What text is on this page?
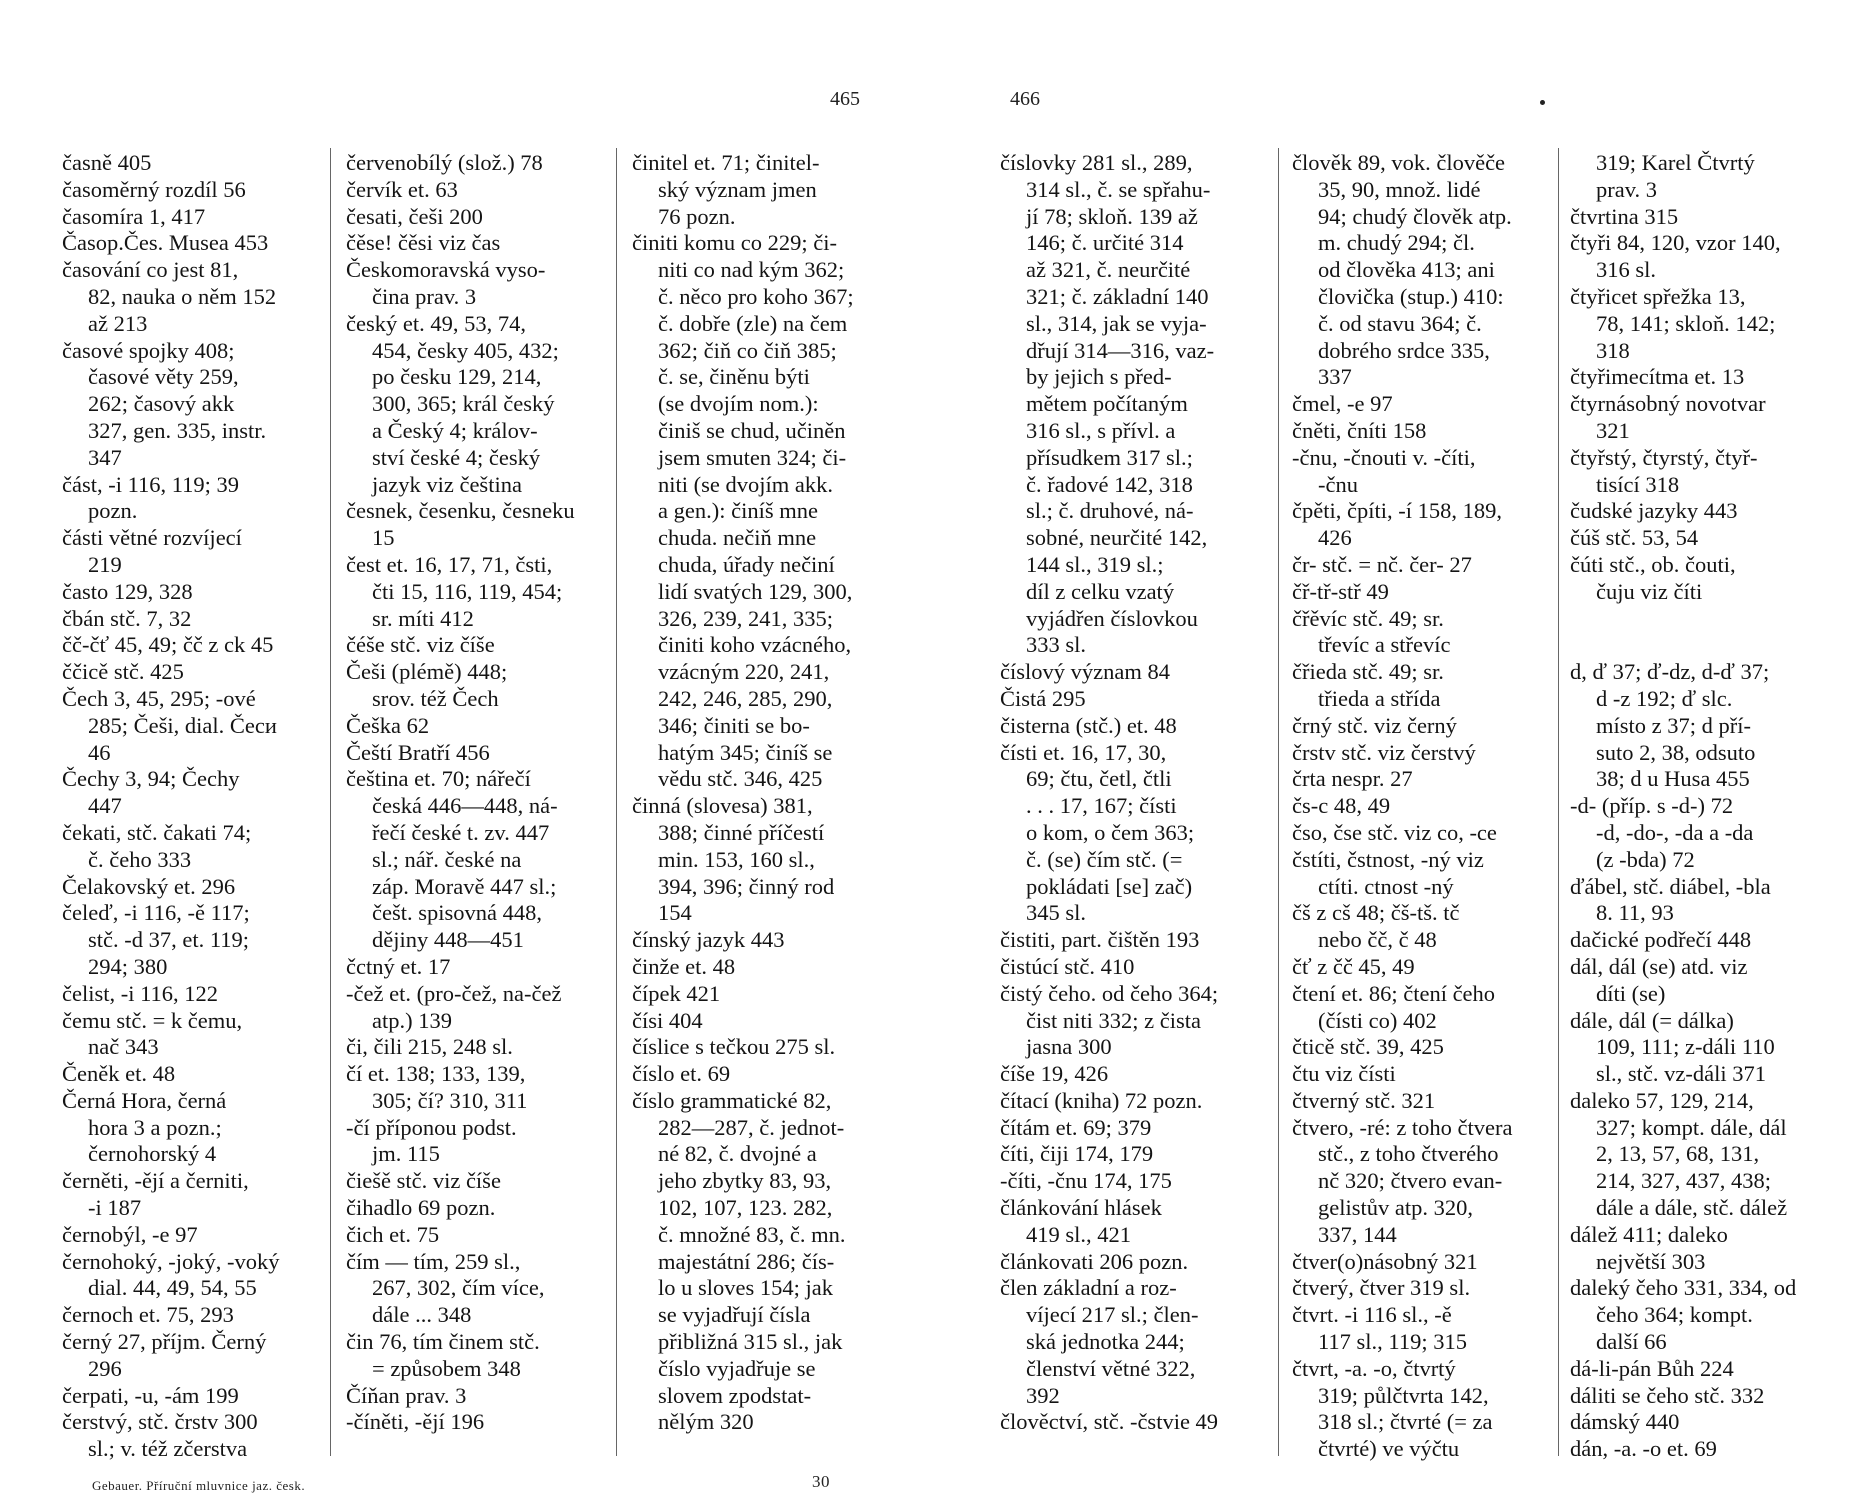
465
časně 405
časoměrný rozdíl 56
časomíra 1, 417
Časop.Čes. Musea 453
časování co jest 81,
82, nauka o něm 152
až 213
časové spojky 408;
časové věty 259,
262; časový akk
327, gen. 335, instr.
347
část, -i 116, 119; 39
pozn.
části větné rozvíjecí
219
často 129, 328
čbán stč. 7, 32
čč-čť 45, 49; čč z ck 45
ččicě stč. 425
Čech 3, 45, 295; -ové
285; Češi, dial. Čeси
46
Čechy 3, 94; Čechy
447
čekati, stč. čakati 74;
č. čeho 333
Čelakovský et. 296
čeleď, -i 116, -ě 117;
stč. -d 37, et. 119;
294; 380
čelist, -i 116, 122
čemu stč. = k čemu,
nač 343
Čeněk et. 48
Černá Hora, černá
hora 3 a pozn.;
černohorský 4
černěti, -ějí a černiti,
-i 187
černobýl, -e 97
černohoký, -joký, -voký
dial. 44, 49, 54, 55
černoch et. 75, 293
černý 27, příjm. Černý
296
čerpati, -u, -ám 199
čerstvý, stč. črstv 300
sl.; v. též zčerstva
červenobílý (slož.) 78
červík et. 63
česati, češi 200
čěse! čěsi viz čas
Českomoravská vyso-
čina prav. 3
český et. 49, 53, 74,
454, česky 405, 432;
po česku 129, 214,
300, 365; král český
a Český 4; králov-
ství české 4; český
jazyk viz čeština
česnek, česenku, česneku
15
čest et. 16, 17, 71, čsti,
čti 15, 116, 119, 454;
sr. míti 412
čéše stč. viz číše
Češi (plémě) 448;
srov. též Čech
Češka 62
Čeští Bratří 456
čeština et. 70; nářečí
česká 446—448, ná-
řečí české t. zv. 447
sl.; nář. české na
záp. Moravě 447 sl.;
češt. spisovná 448,
dějiny 448—451
čctný et. 17
-čež et. (pro-čež, na-čež
atp.) 139
či, čili 215, 248 sl.
čí et. 138; 133, 139,
305; čí? 310, 311
-čí příponou podst.
jm. 115
čiešě stč. viz číše
čihadlo 69 pozn.
čich et. 75
čím — tím, 259 sl.,
267, 302, čím více,
dále ... 348
čin 76, tím činem stč.
= způsobem 348
Číňan prav. 3
-číněti, -ějí 196
činitel et. 71; činitel-
ský význam jmen
76 pozn.
činiti komu co 229; či-
niti co nad kým 362;
č. něco pro koho 367;
č. dobře (zle) na čem
362; čiň co čiň 385;
č. se, činěnu býti
(se dvojím nom.):
činiš se chud, učiněn
jsem smuten 324; či-
niti (se dvojím akk.
a gen.): činíš mne
chuda. nečiň mne
chuda, úřady nečiní
lidí svatých 129, 300,
326, 239, 241, 335;
činiti koho vzácného,
vzácným 220, 241,
242, 246, 285, 290,
346; činiti se bo-
hatým 345; činíš se
vědu stč. 346, 425
činná (slovesa) 381,
388; činné příčestí
min. 153, 160 sl.,
394, 396; činný rod
154
čínský jazyk 443
činže et. 48
čípek 421
čísi 404
číslice s tečkou 275 sl.
číslo et. 69
číslo grammatické 82,
282—287, č. jednot-
né 82, č. dvojné a
jeho zbytky 83, 93,
102, 107, 123. 282,
č. množné 83, č. mn.
majestátní 286; čís-
lo u sloves 154; jak
se vyjadřují čísla
přibližná 315 sl., jak
číslo vyjadřuje se
slovem zpodstat-
nělým 320
Gebauer. Příruční mluvnice jaz. česk.	30
466
číslovky 281 sl., 289,
314 sl., č. se spřahu-
jí 78; skloň. 139 až
146; č. určité 314
až 321, č. neurčité
321; č. základní 140
sl., 314, jak se vyja-
dřují 314—316, vaz-
by jejich s před-
mětem počítaným
316 sl., s přívl. a
přísudkem 317 sl.;
č. řadové 142, 318
sl.; č. druhové, ná-
sobné, neurčité 142,
144 sl., 319 sl.;
díl z celku vzatý
vyjádřen číslovkou
333 sl.
číslový význam 84
Čistá 295
čisterna (stč.) et. 48
čísti et. 16, 17, 30,
69; čtu, četl, čtli
. . . 17, 167; čísti
o kom, o čem 363;
č. (se) čím stč. (=
pokládati [se] zač)
345 sl.
čistiti, part. čištěn 193
čistúcí stč. 410
čistý čeho. od čeho 364;
čist niti 332; z čista
jasna 300
číše 19, 426
čítací (kniha) 72 pozn.
čítám et. 69; 379
číti, čiji 174, 179
-číti, -čnu 174, 175
článkování hlásek
419 sl., 421
článkovati 206 pozn.
člen základní a roz-
víjecí 217 sl.; člen-
ská jednotka 244;
členství větné 322,
392
člověctví, stč. -čstvie 49
člověk 89, vok. člověče
35, 90, množ. lidé
94; chudý člověk atp.
m. chudý 294; čl.
od člověka 413; ani
človička (stup.) 410:
č. od stavu 364; č.
dobrého srdce 335,
337
čmel, -e 97
čněti, čníti 158
-čnu, -čnouti v. -číti,
-čnu
čpěti, čpíti, -í 158, 189,
426
čr- stč. = nč. čer- 27
čř-tř-stř 49
čřěvíc stč. 49; sr.
třevíc a střevíc
čřieda stč. 49; sr.
třieda a střída
črný stč. viz černý
črstv stč. viz čerstvý
črta nespr. 27
čs-c 48, 49
čso, čse stč. viz co, -ce
čstíti, čstnost, -ný viz
ctíti. ctnost -ný
čš z cš 48; čš-tš. tč
nebo čč, č 48
čť z čč 45, 49
čtení et. 86; čtení čeho
(čísti co) 402
čticě stč. 39, 425
čtu viz čísti
čtverný stč. 321
čtvero, -ré: z toho čtvera
stč., z toho čtveréhо
nč 320; čtvero evan-
gelistův atp. 320,
337, 144
čtver(o)násobný 321
čtverý, čtver 319 sl.
čtvrt. -i 116 sl., -ě
117 sl., 119; 315
čtvrt, -a. -o, čtvrtý
319; půlčtvrta 142,
318 sl.; čtvrté (= za
čtvrté) ve výčtu
319; Karel Čtvrtý
prav. 3
čtvrtina 315
čtyři 84, 120, vzor 140,
316 sl.
čtyřicet spřežka 13,
78, 141; skloň. 142;
318
čtyřimecítma et. 13
čtyrnásobný novotvar
321
čtyřstý, čtyrstý, čtyř-
tisící 318
čudské jazyky 443
čúš stč. 53, 54
čúti stč., ob. čouti,
čuju viz číti

d, ď 37; ď-dz, d-ď 37;
d -z 192; ď slc.
místo z 37; d pří-
suto 2, 38, odsuto
38; d u Husa 455
-d- (příp. s -d-) 72
-d, -do-, -da a -da
(z -bda) 72
ďábel, stč. diábel, -bla
8. 11, 93
dačické podřečí 448
dál, dál (se) atd. viz
díti (se)
dále, dál (= dálka)
109, 111; z-dáli 110
sl., stč. vz-dáli 371
daleko 57, 129, 214,
327; kompt. dále, dál
2, 13, 57, 68, 131,
214, 327, 437, 438;
dále a dále, stč. dálež
dálež 411; daleko
největší 303
daleký čeho 331, 334, od
čeho 364; kompt.
další 66
dá-li-pán Bůh 224
dáliti se čeho stč. 332
dámský 440
dán, -a. -o et. 69
